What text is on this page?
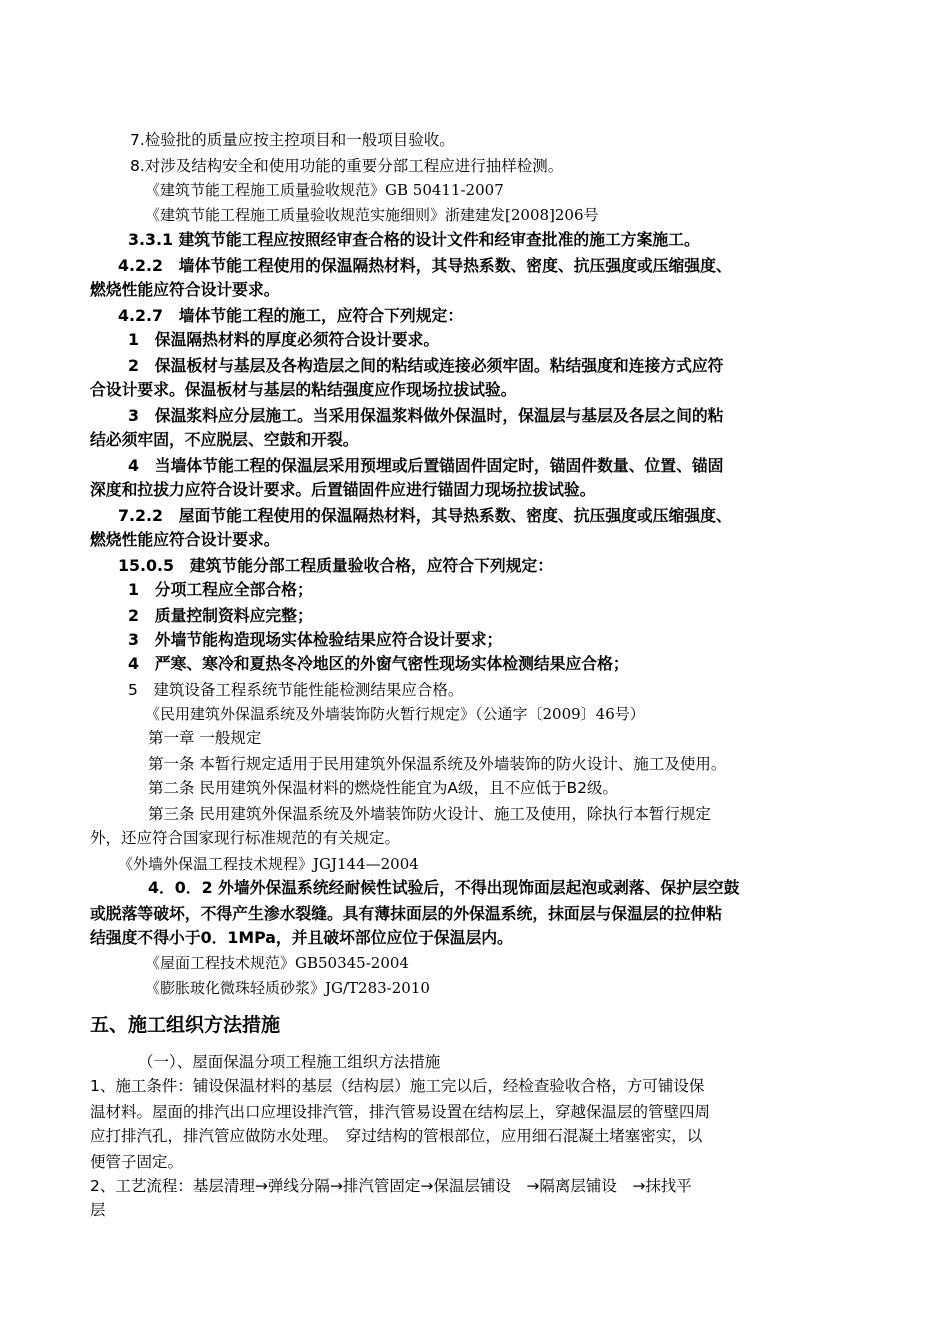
7.检验批的质量应按主控项目和一般项目验收。
8.对涉及结构安全和使用功能的重要分部工程应进行抽样检测。
《建筑节能工程施工质量验收规范》GB 50411-2007
《建筑节能工程施工质量验收规范实施细则》浙建建发[2008]206号
3.3.1 建筑节能工程应按照经审查合格的设计文件和经审查批准的施工方案施工。
4.2.2　墙体节能工程使用的保温隔热材料，其导热系数、密度、抗压强度或压缩强度、
燃烧性能应符合设计要求。
4.2.7　墙体节能工程的施工，应符合下列规定：
1　保温隔热材料的厚度必须符合设计要求。
2　保温板材与基层及各构造层之间的粘结或连接必须牢固。粘结强度和连接方式应符
合设计要求。保温板材与基层的粘结强度应作现场拉拔试验。
3　保温浆料应分层施工。当采用保温浆料做外保温时，保温层与基层及各层之间的粘
结必须牢固，不应脱层、空鼓和开裂。
4　当墙体节能工程的保温层采用预埋或后置锚固件固定时，锚固件数量、位置、锚固
深度和拉拔力应符合设计要求。后置锚固件应进行锚固力现场拉拔试验。
7.2.2　屋面节能工程使用的保温隔热材料，其导热系数、密度、抗压强度或压缩强度、
燃烧性能应符合设计要求。
15.0.5　建筑节能分部工程质量验收合格，应符合下列规定：
1　分项工程应全部合格；
2　质量控制资料应完整；
3　外墙节能构造现场实体检验结果应符合设计要求；
4　严寒、寒冷和夏热冬冷地区的外窗气密性现场实体检测结果应合格；
5　建筑设备工程系统节能性能检测结果应合格。
《民用建筑外保温系统及外墙装饰防火暂行规定》（公通字〔2009〕46号）
第一章 一般规定
第一条 本暂行规定适用于民用建筑外保温系统及外墙装饰的防火设计、施工及使用。
第二条 民用建筑外保温材料的燃烧性能宜为A级，且不应低于B2级。
第三条 民用建筑外保温系统及外墙装饰防火设计、施工及使用，除执行本暂行规定
外，还应符合国家现行标准规范的有关规定。
《外墙外保温工程技术规程》JGJ144—2004
4．0．2 外墙外保温系统经耐候性试验后，不得出现饰面层起泡或剥落、保护层空鼓
或脱落等破坏，不得产生渗水裂缝。具有薄抹面层的外保温系统，抹面层与保温层的拉伸粘
结强度不得小于0．1MPa，并且破坏部位应位于保温层内。
《屋面工程技术规范》GB50345-2004
《膨胀玻化微珠轻质砂浆》JG/T283-2010
五、施工组织方法措施
（一）、屋面保温分项工程施工组织方法措施
1、施工条件：铺设保温材料的基层（结构层）施工完以后，经检查验收合格，方可铺设保
温材料。屋面的排汽出口应埋设排汽管，排汽管易设置在结构层上，穿越保温层的管壁四周
应打排汽孔，排汽管应做防水处理。　穿过结构的管根部位，应用细石混凝土堵塞密实，以
便管子固定。
2、工艺流程：基层清理→弹线分隔→排汽管固定→保温层铺设　→隔离层铺设　→抹找平
层
